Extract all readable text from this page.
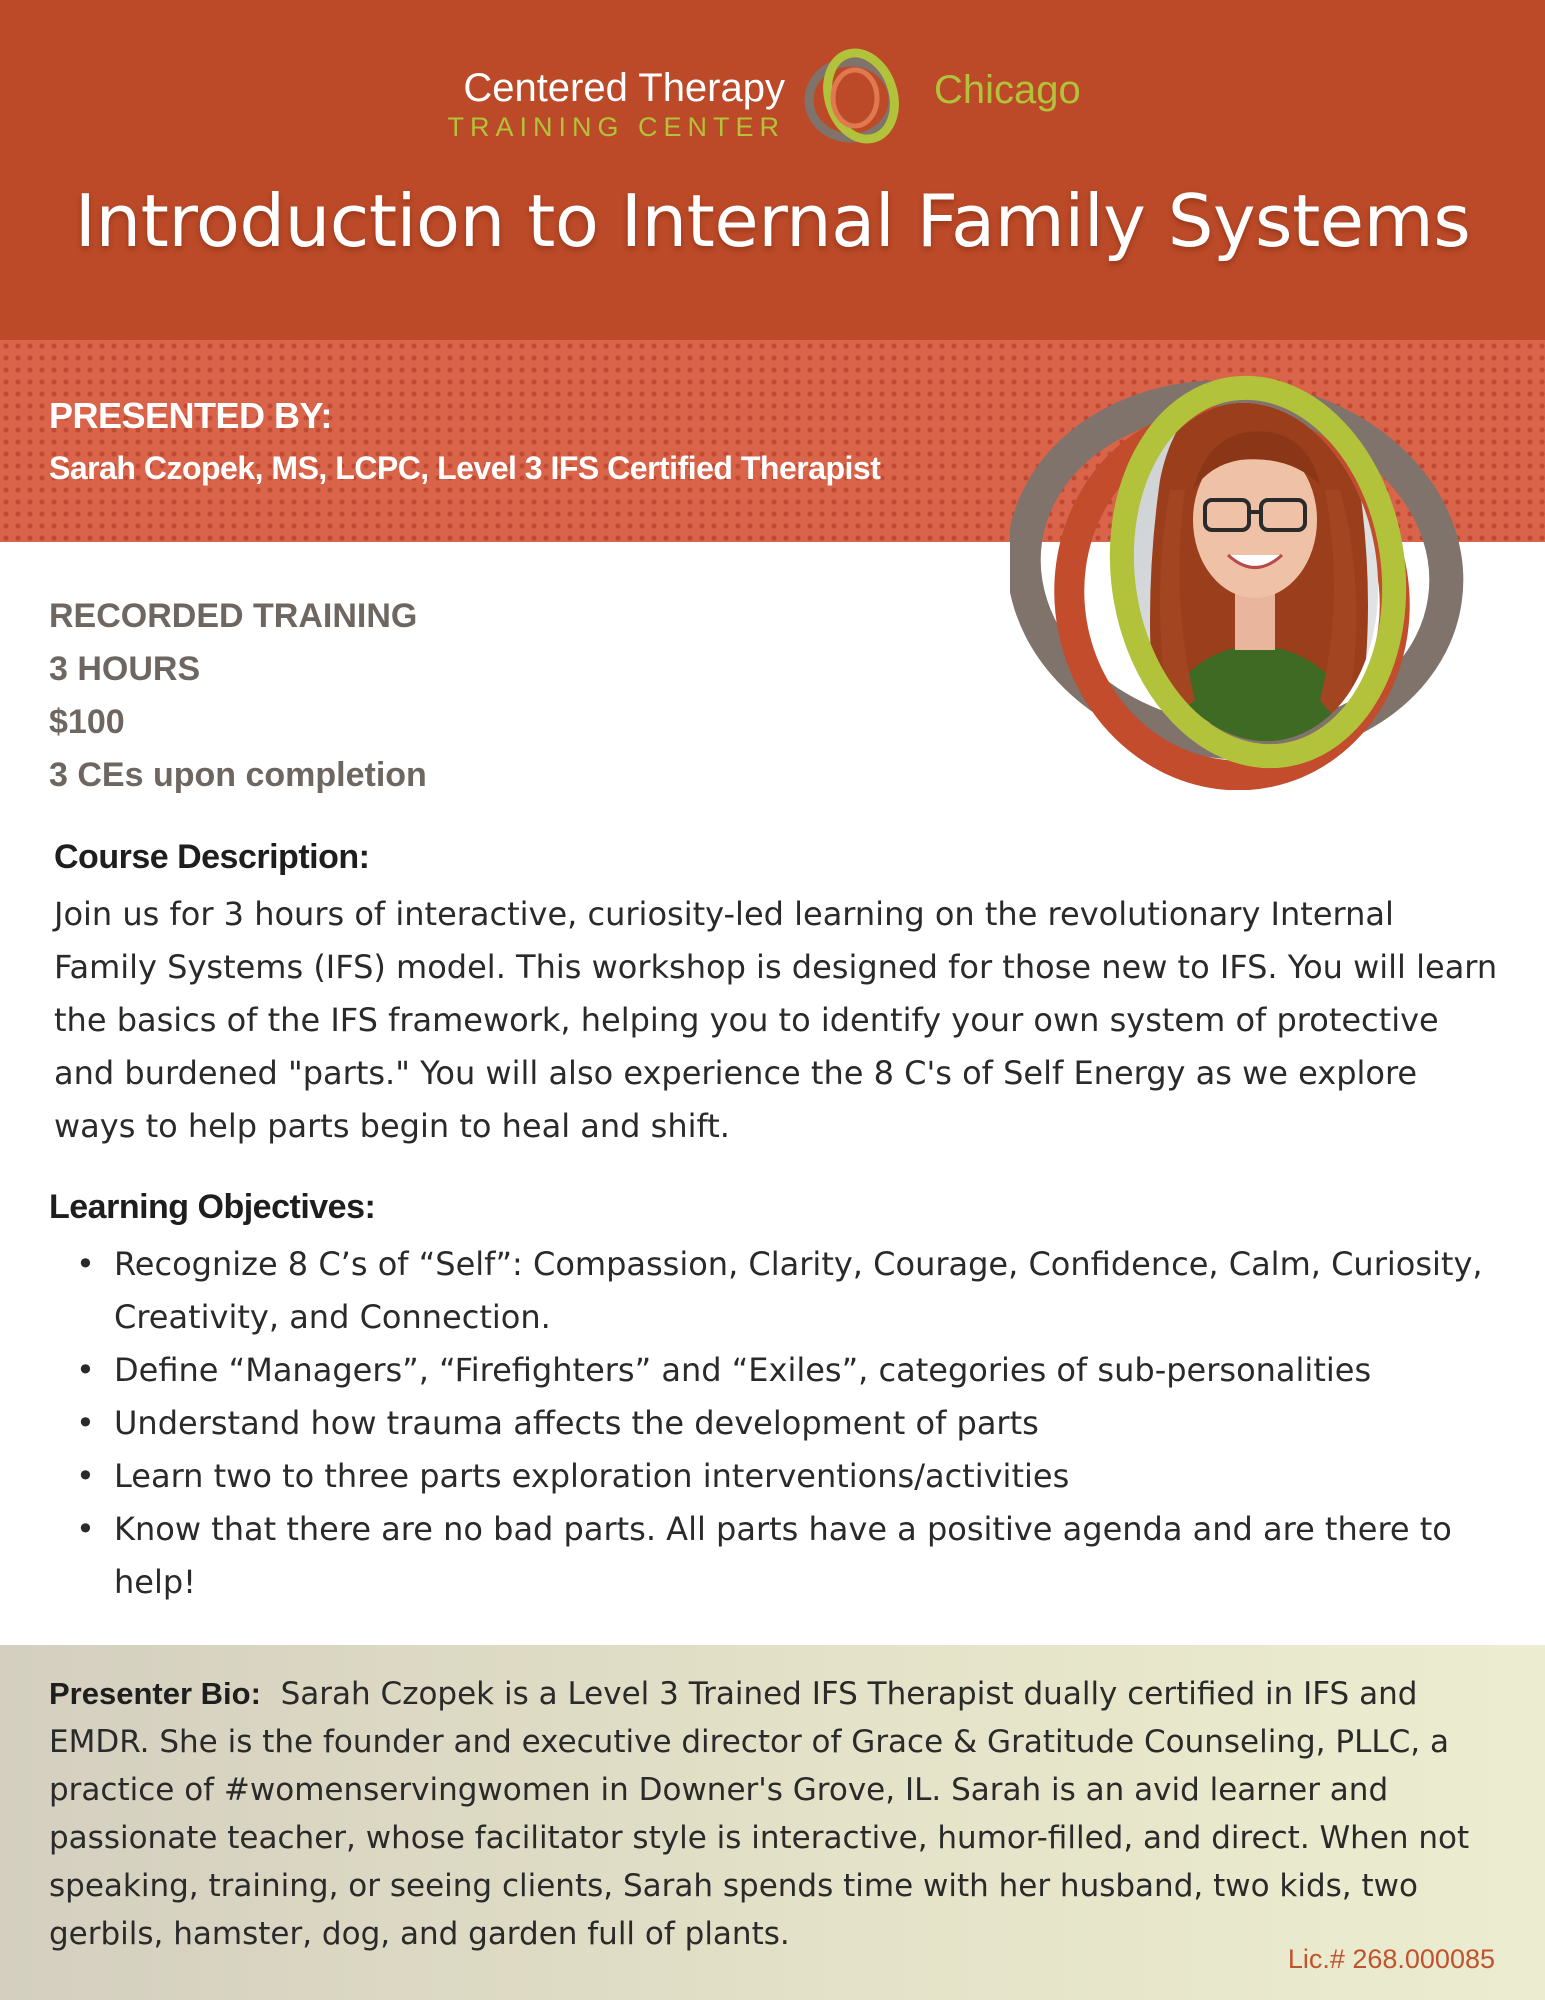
Centered Therapy
TRAINING CENTER
Chicago
Introduction to Internal Family Systems
PRESENTED BY:
Sarah Czopek, MS, LCPC, Level 3 IFS Certified Therapist
RECORDED TRAINING
3 HOURS
$100
3 CEs upon completion
Course Description:

Join us for 3 hours of interactive, curiosity-led learning on the revolutionary Internal Family Systems (IFS) model. This workshop is designed for those new to IFS. You will learn the basics of the IFS framework, helping you to identify your own system of protective and burdened "parts." You will also experience the 8 C's of Self Energy as we explore ways to help parts begin to heal and shift.

Learning Objectives:
• Recognize 8 C’s of “Self”: Compassion, Clarity, Courage, Confidence, Calm, Curiosity, Creativity, and Connection.
• Define “Managers”, “Firefighters” and “Exiles”, categories of sub-personalities
• Understand how trauma affects the development of parts
• Learn two to three parts exploration interventions/activities
• Know that there are no bad parts. All parts have a positive agenda and are there to help!

Presenter Bio: Sarah Czopek is a Level 3 Trained IFS Therapist dually certified in IFS and EMDR. She is the founder and executive director of Grace & Gratitude Counseling, PLLC, a practice of #womenservingwomen in Downer's Grove, IL. Sarah is an avid learner and passionate teacher, whose facilitator style is interactive, humor-filled, and direct. When not speaking, training, or seeing clients, Sarah spends time with her husband, two kids, two gerbils, hamster, dog, and garden full of plants.

Lic.# 268.000085
